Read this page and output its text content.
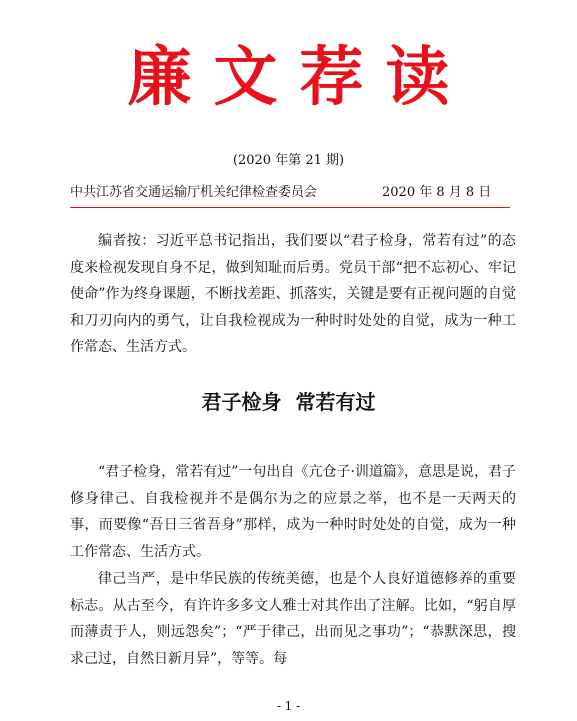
廉文荐读
(2020 年第 21 期)
中共江苏省交通运输厅机关纪律检查委员会	2020 年 8 月 8 日

编者按：习近平总书记指出，我们要以“君子检身，常若有过”的态度来检视发现自身不足，做到知耻而后勇。党员干部“把不忘初心、牢记使命”作为终身课题，不断找差距、抓落实，关键是要有正视问题的自觉和刀刃向内的勇气，让自我检视成为一种时时处处的自觉，成为一种工作常态、生活方式。

君子检身  常若有过

“君子检身，常若有过”一句出自《亢仓子·训道篇》，意思是说，君子修身律己、自我检视并不是偶尔为之的应景之举，也不是一天两天的事，而要像“吾日三省吾身”那样，成为一种时时处处的自觉，成为一种工作常态、生活方式。

律己当严，是中华民族的传统美德，也是个人良好道德修养的重要标志。从古至今，有许许多多文人雅士对其作出了注解。比如，“躬自厚而薄责于人，则远怨矣”；“严于律己，出而见之事功”；“恭默深思，搜求己过，自然日新月异”，等等。每

- 1 -
